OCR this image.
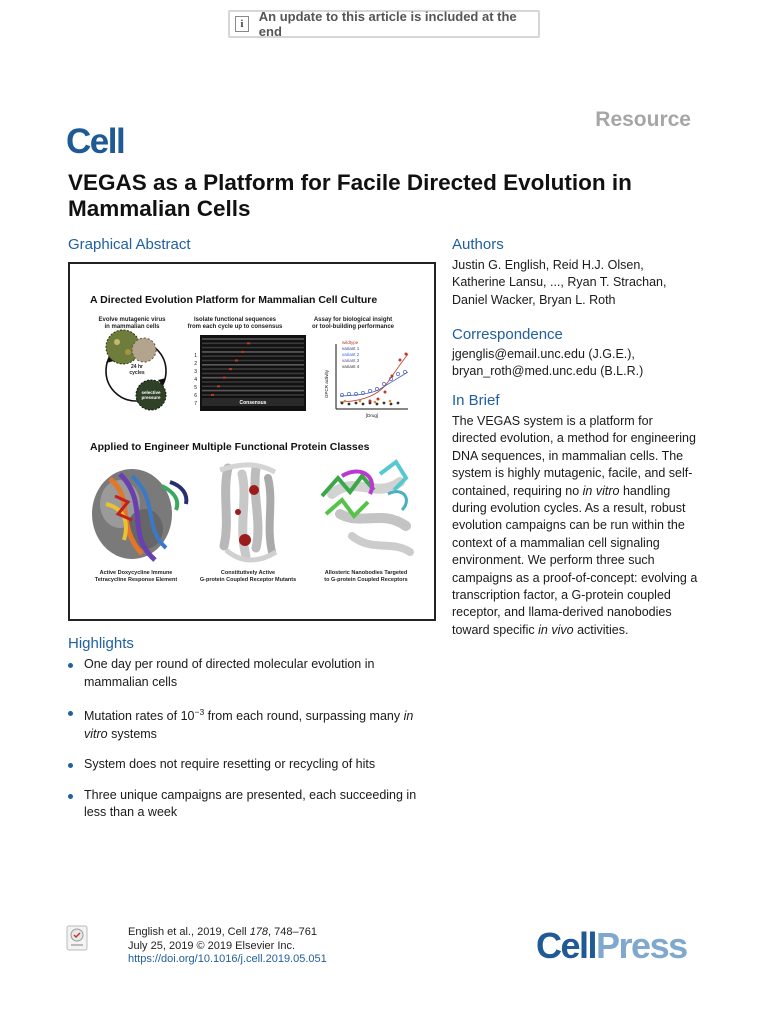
i	An update to this article is included at the end
Resource
Cell
VEGAS as a Platform for Facile Directed Evolution in Mammalian Cells
Graphical Abstract
A Directed Evolution Platform for Mammalian Cell Culture
Evolve mutagenic virus
in mammalian cells
Isolate functional sequences
from each cycle up to consensus
Assay for biological insight
or tool-building performance
24 hr
cycles
selective
pressure
1
2
3
4
5
6
7	Consensus
GPCR activity
[Drug]
wildtype
variant 1
variant 2
variant 3
variant 4
Applied to Engineer Multiple Functional Protein Classes
Active Doxycycline Immune
Tetracycline Response Element
Constitutively Active
G-protein Coupled Receptor Mutants
Allosteric Nanobodies Targeted
to G-protein Coupled Receptors
Highlights
One day per round of directed molecular evolution in mammalian cells
Mutation rates of $10^{-3}$ from each round, surpassing many in vitro systems
System does not require resetting or recycling of hits
Three unique campaigns are presented, each succeeding in less than a week
Authors
Justin G. English, Reid H.J. Olsen,
Katherine Lansu, ..., Ryan T. Strachan,
Daniel Wacker, Bryan L. Roth
Correspondence
jgenglis@email.unc.edu (J.G.E.),
bryan_roth@med.unc.edu (B.L.R.)
In Brief
The VEGAS system is a platform for directed evolution, a method for engineering DNA sequences, in mammalian cells. The system is highly mutagenic, facile, and self-contained, requiring no in vitro handling during evolution cycles. As a result, robust evolution campaigns can be run within the context of a mammalian cell signaling environment. We perform three such campaigns as a proof-of-concept: evolving a transcription factor, a G-protein coupled receptor, and llama-derived nanobodies toward specific in vivo activities.
English et al., 2019, Cell 178, 748–761
July 25, 2019 © 2019 Elsevier Inc.
https://doi.org/10.1016/j.cell.2019.05.051	CellPress
